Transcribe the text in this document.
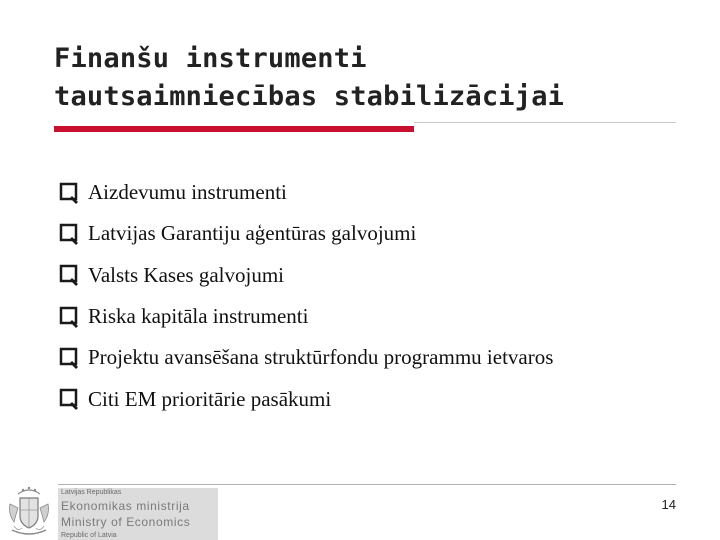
Finanšu instrumenti
tautsaimniecības stabilizācijai
Aizdevumu instrumenti
Latvijas Garantiju aģentūras galvojumi
Valsts Kases galvojumi
Riska kapitāla instrumenti
Projektu avansēšana struktūrfondu programmu ietvaros
Citi EM prioritārie pasākumi
Latvijas Republikas
Ekonomikas ministrija
Ministry of Economics
Republic of Latvia
14
